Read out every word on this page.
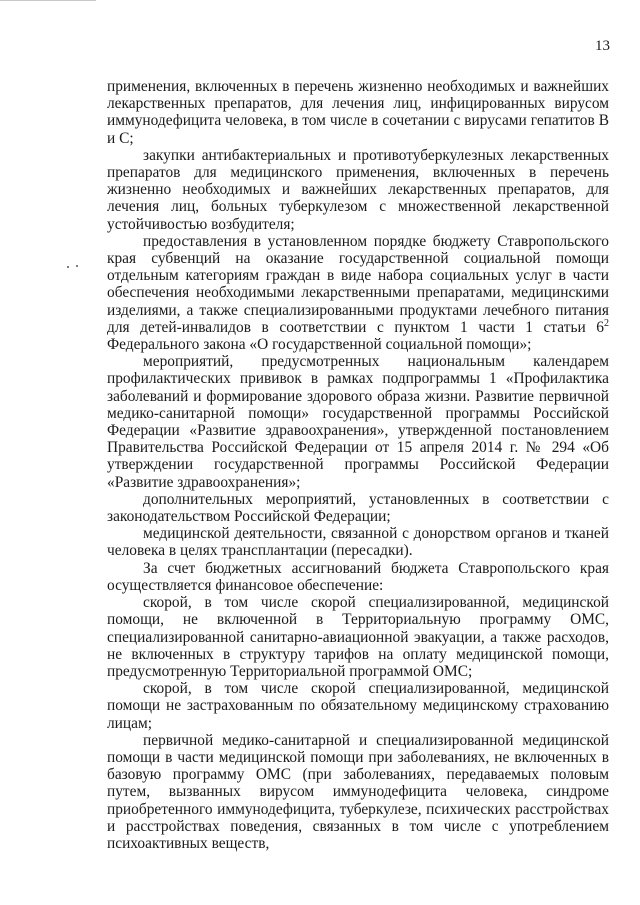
13

применения, включенных в перечень жизненно необходимых и важнейших лекарственных препаратов, для лечения лиц, инфицированных вирусом иммунодефицита человека, в том числе в сочетании с вирусами гепатитов В и С;

закупки антибактериальных и противотуберкулезных лекарственных препаратов для медицинского применения, включенных в перечень жизненно необходимых и важнейших лекарственных препаратов, для лечения лиц, больных туберкулезом с множественной лекарственной устойчивостью возбудителя;

предоставления в установленном порядке бюджету Ставропольского края субвенций на оказание государственной социальной помощи отдельным категориям граждан в виде набора социальных услуг в части обеспечения необходимыми лекарственными препаратами, медицинскими изделиями, а также специализированными продуктами лечебного питания для детей-инвалидов в соответствии с пунктом 1 части 1 статьи $6^2$ Федерального закона «О государственной социальной помощи»;

мероприятий, предусмотренных национальным календарем профилактических прививок в рамках подпрограммы 1 «Профилактика заболеваний и формирование здорового образа жизни. Развитие первичной медико-санитарной помощи» государственной программы Российской Федерации «Развитие здравоохранения», утвержденной постановлением Правительства Российской Федерации от 15 апреля 2014 г. № 294 «Об утверждении государственной программы Российской Федерации «Развитие здравоохранения»;

дополнительных мероприятий, установленных в соответствии с законодательством Российской Федерации;

медицинской деятельности, связанной с донорством органов и тканей человека в целях трансплантации (пересадки).

За счет бюджетных ассигнований бюджета Ставропольского края осуществляется финансовое обеспечение:

скорой, в том числе скорой специализированной, медицинской помощи, не включенной в Территориальную программу ОМС, специализированной санитарно-авиационной эвакуации, а также расходов, не включенных в структуру тарифов на оплату медицинской помощи, предусмотренную Территориальной программой ОМС;

скорой, в том числе скорой специализированной, медицинской помощи не застрахованным по обязательному медицинскому страхованию лицам;

первичной медико-санитарной и специализированной медицинской помощи в части медицинской помощи при заболеваниях, не включенных в базовую программу ОМС (при заболеваниях, передаваемых половым путем, вызванных вирусом иммунодефицита человека, синдроме приобретенного иммунодефицита, туберкулезе, психических расстройствах и расстройствах поведения, связанных в том числе с употреблением психоактивных веществ,
